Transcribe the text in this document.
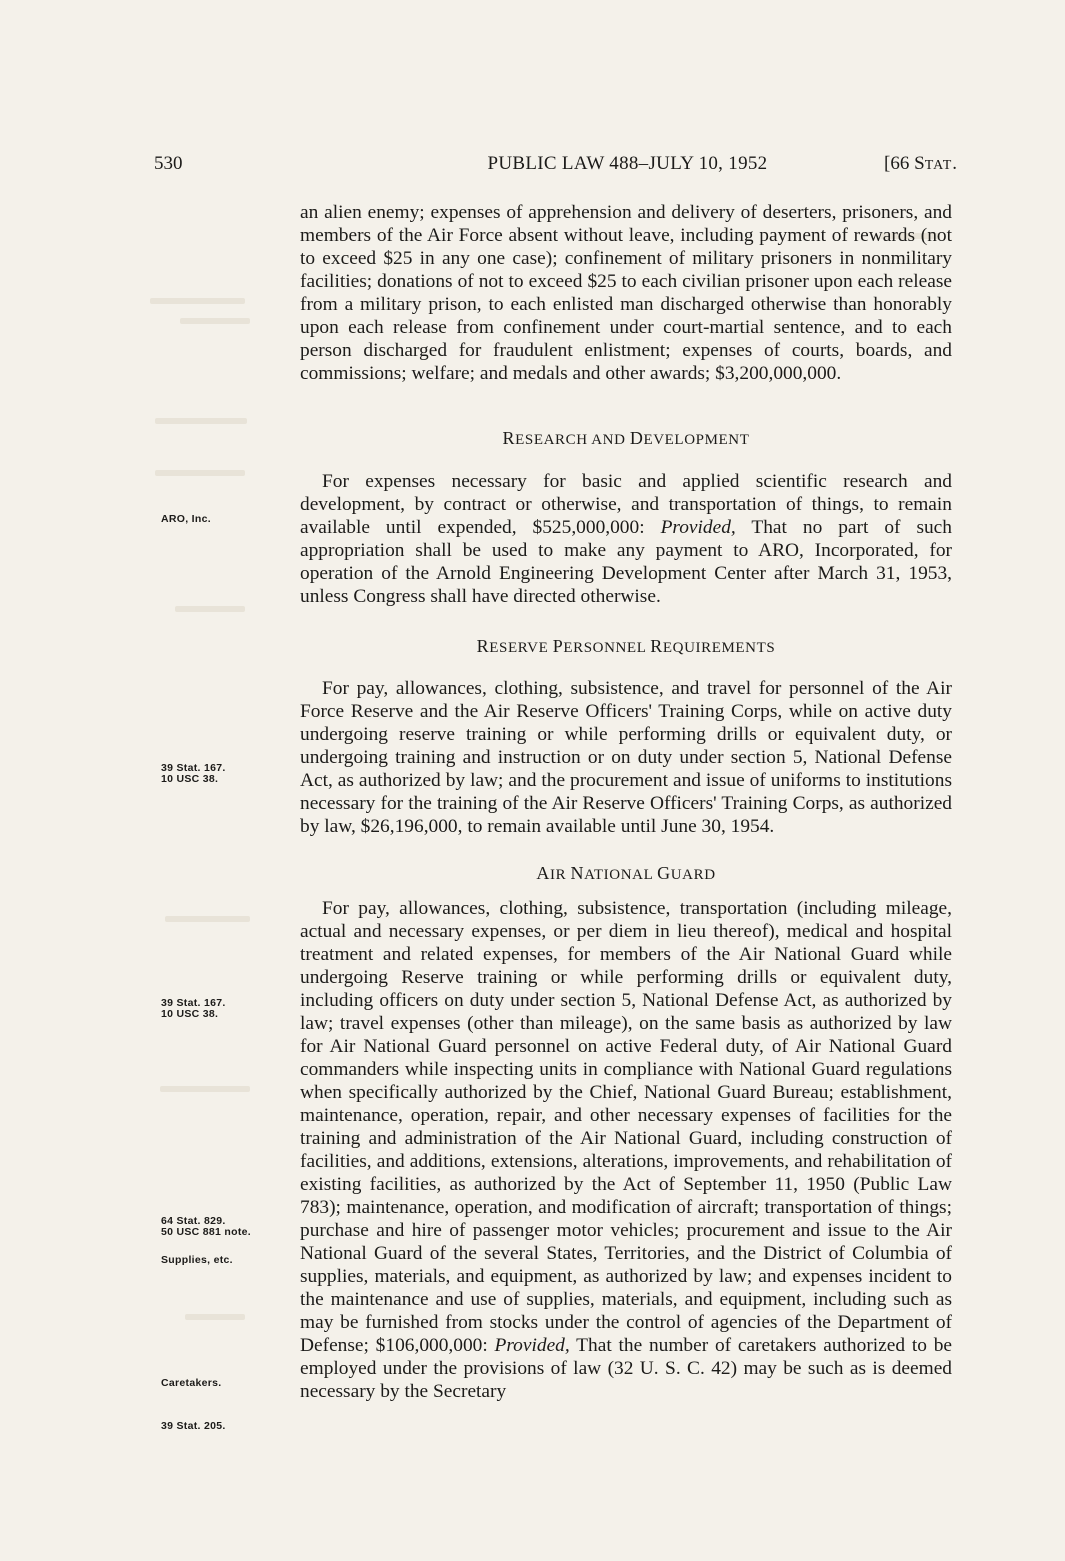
530	PUBLIC LAW 488–JULY 10, 1952	[66 STAT.
an alien enemy; expenses of apprehension and delivery of deserters, prisoners, and members of the Air Force absent without leave, including payment of rewards (not to exceed $25 in any one case); confinement of military prisoners in nonmilitary facilities; donations of not to exceed $25 to each civilian prisoner upon each release from a military prison, to each enlisted man discharged otherwise than honorably upon each release from confinement under court-martial sentence, and to each person discharged for fraudulent enlistment; expenses of courts, boards, and commissions; welfare; and medals and other awards; $3,200,000,000.
RESEARCH AND DEVELOPMENT
For expenses necessary for basic and applied scientific research and development, by contract or otherwise, and transportation of things, to remain available until expended, $525,000,000: Provided, That no part of such appropriation shall be used to make any payment to ARO, Incorporated, for operation of the Arnold Engineering Development Center after March 31, 1953, unless Congress shall have directed otherwise.
RESERVE PERSONNEL REQUIREMENTS
For pay, allowances, clothing, subsistence, and travel for personnel of the Air Force Reserve and the Air Reserve Officers' Training Corps, while on active duty undergoing reserve training or while performing drills or equivalent duty, or undergoing training and instruction or on duty under section 5, National Defense Act, as authorized by law; and the procurement and issue of uniforms to institutions necessary for the training of the Air Reserve Officers' Training Corps, as authorized by law, $26,196,000, to remain available until June 30, 1954.
AIR NATIONAL GUARD
For pay, allowances, clothing, subsistence, transportation (including mileage, actual and necessary expenses, or per diem in lieu thereof), medical and hospital treatment and related expenses, for members of the Air National Guard while undergoing Reserve training or while performing drills or equivalent duty, including officers on duty under section 5, National Defense Act, as authorized by law; travel expenses (other than mileage), on the same basis as authorized by law for Air National Guard personnel on active Federal duty, of Air National Guard commanders while inspecting units in compliance with National Guard regulations when specifically authorized by the Chief, National Guard Bureau; establishment, maintenance, operation, repair, and other necessary expenses of facilities for the training and administration of the Air National Guard, including construction of facilities, and additions, extensions, alterations, improvements, and rehabilitation of existing facilities, as authorized by the Act of September 11, 1950 (Public Law 783); maintenance, operation, and modification of aircraft; transportation of things; purchase and hire of passenger motor vehicles; procurement and issue to the Air National Guard of the several States, Territories, and the District of Columbia of supplies, materials, and equipment, as authorized by law; and expenses incident to the maintenance and use of supplies, materials, and equipment, including such as may be furnished from stocks under the control of agencies of the Department of Defense; $106,000,000: Provided, That the number of caretakers authorized to be employed under the provisions of law (32 U. S. C. 42) may be such as is deemed necessary by the Secretary
ARO, Inc.
39 Stat. 167.
10 USC 38.
39 Stat. 167.
10 USC 38.
64 Stat. 829.
50 USC 881 note.
Supplies, etc.
Caretakers.
39 Stat. 205.
